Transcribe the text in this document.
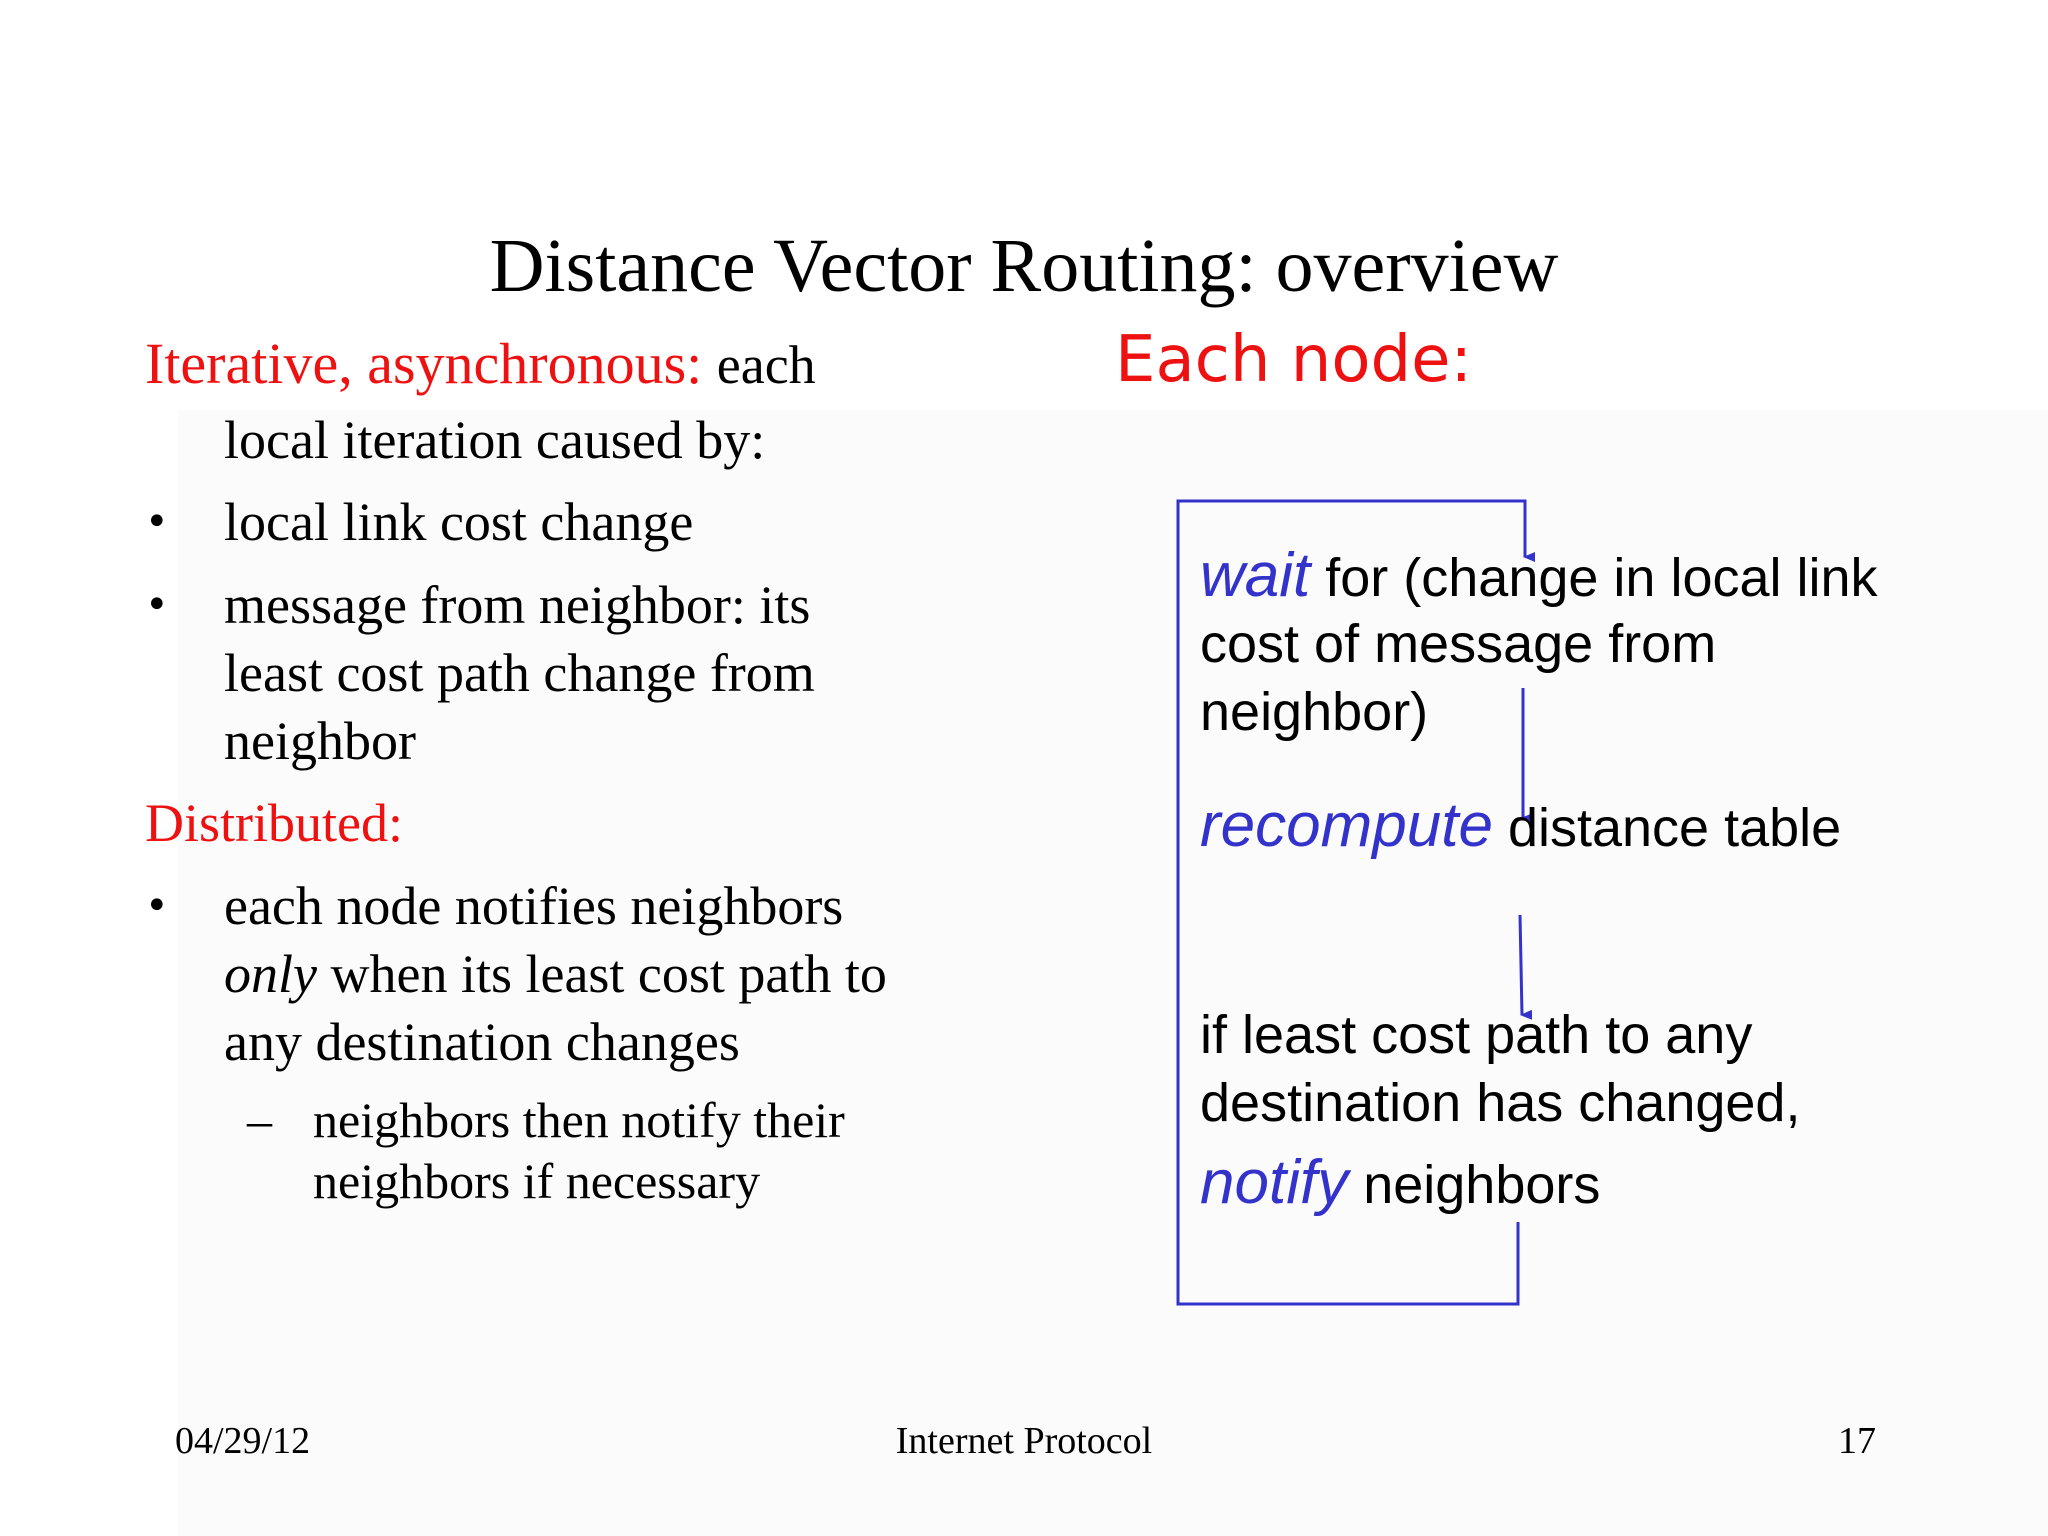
Distance Vector Routing: overview
Iterative, asynchronous: each
local iteration caused by:
• local link cost change
• message from neighbor: its
least cost path change from
neighbor
Distributed:
• each node notifies neighbors
only when its least cost path to
any destination changes
– neighbors then notify their
neighbors if necessary
Each node:
wait for (change in local link
cost of message from
neighbor)
recompute distance table
if least cost path to any
destination has changed,
notify neighbors
04/29/12	Internet Protocol	17
